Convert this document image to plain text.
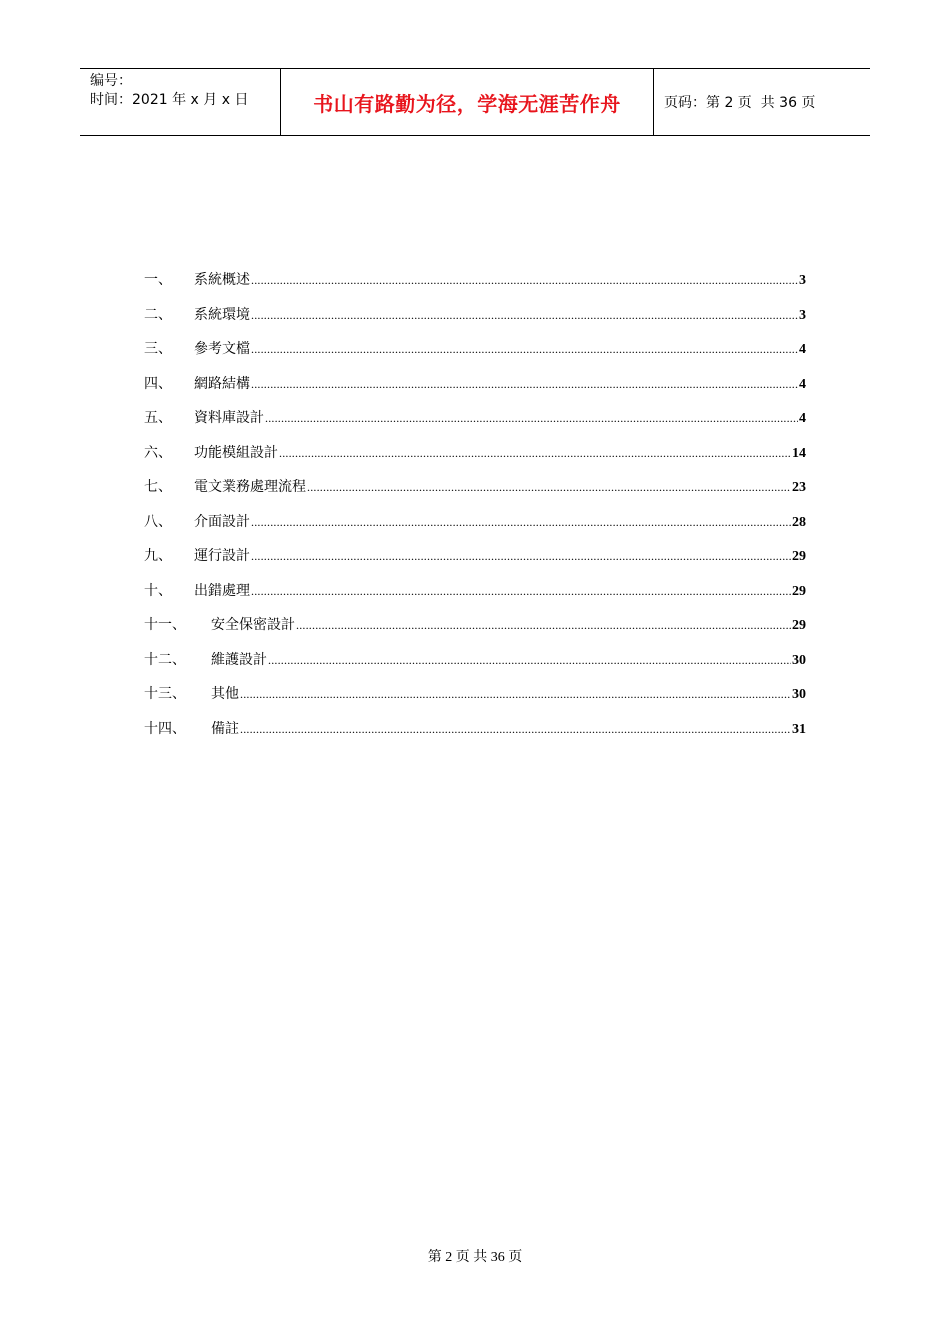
编号：
时间：2021 年 x 月 x 日	书山有路勤为径，学海无涯苦作舟	页码：第 2 页  共 36 页
一、	系統概述 .....	3
二、	系統環境 .....	3
三、	參考文檔 .....	4
四、	網路結構 .....	4
五、	資料庫設計 .....	4
六、	功能模組設計 .....	14
七、	電文業務處理流程 .....	23
八、	介面設計 .....	28
九、	運行設計 .....	29
十、	出錯處理 .....	29
十一、	安全保密設計 .....	29
十二、	維護設計 .....	30
十三、	其他 .....	30
十四、	備註 .....	31
第 2 页 共 36 页
